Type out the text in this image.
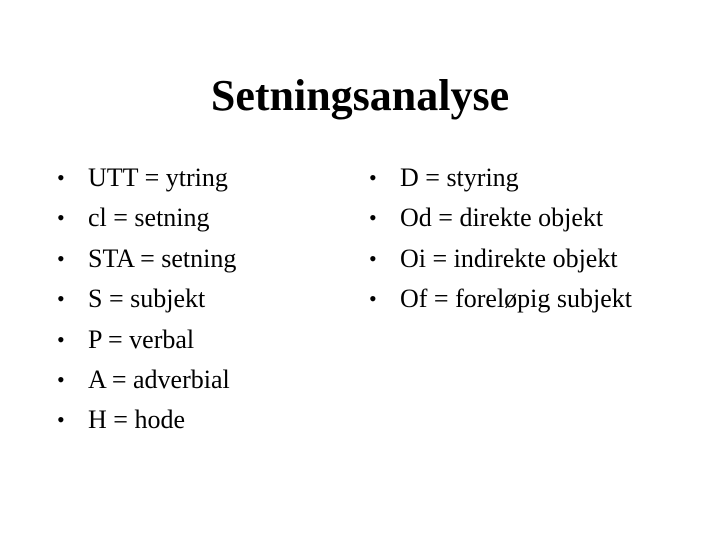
Setningsanalyse
• UTT = ytring
• cl = setning
• STA = setning
• S = subjekt
• P = verbal
• A = adverbial
• H = hode
• D = styring
• Od = direkte objekt
• Oi = indirekte objekt
• Of = foreløpig subjekt
